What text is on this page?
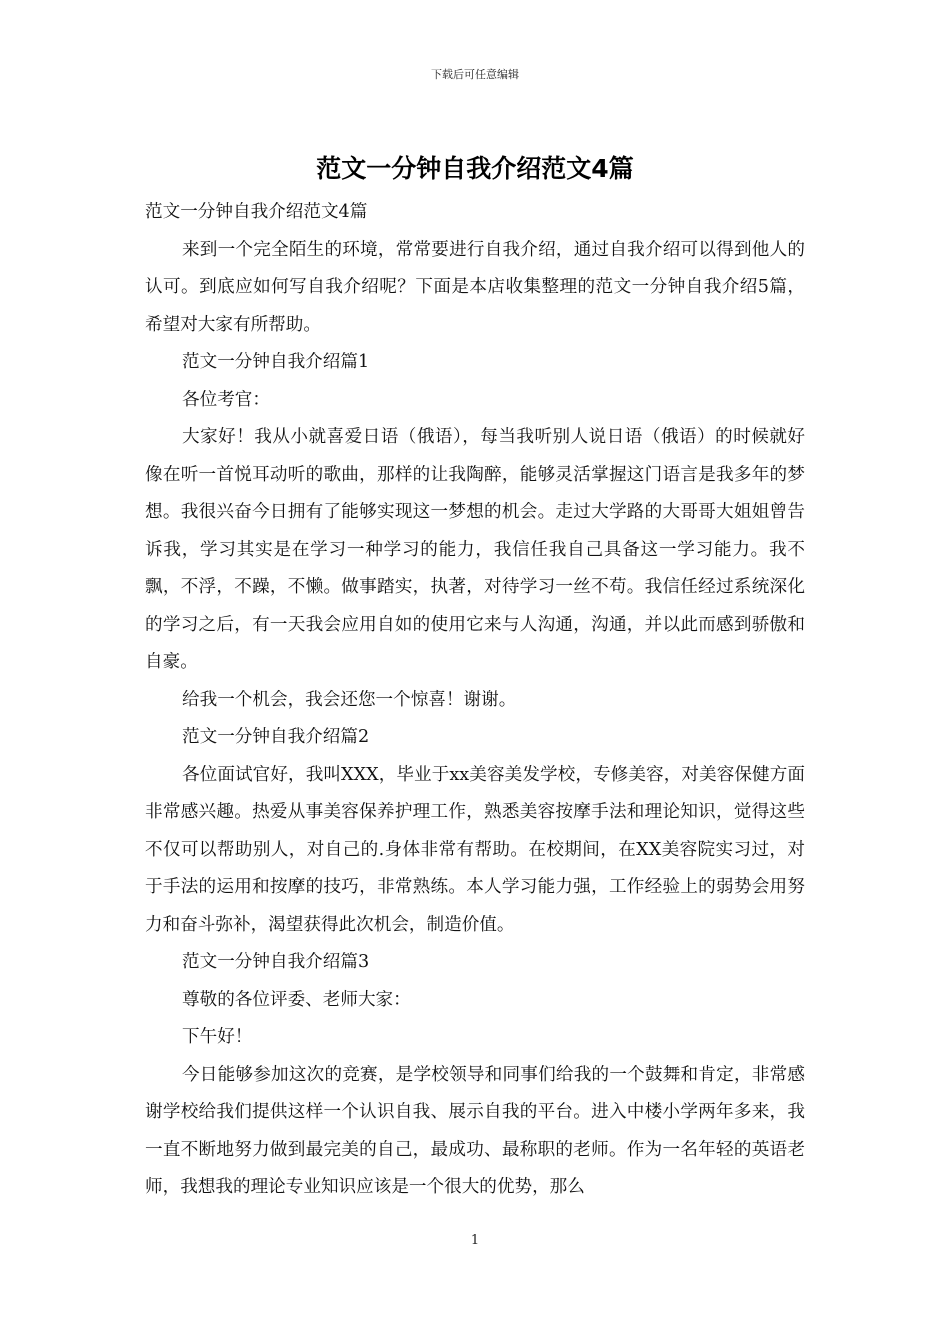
下载后可任意编辑
范文一分钟自我介绍范文4篇

范文一分钟自我介绍范文4篇

来到一个完全陌生的环境，常常要进行自我介绍，通过自我介绍可以得到他人的认可。到底应如何写自我介绍呢？下面是本店收集整理的范文一分钟自我介绍5篇，希望对大家有所帮助。

范文一分钟自我介绍篇1

各位考官：

大家好！我从小就喜爱日语（俄语），每当我听别人说日语（俄语）的时候就好像在听一首悦耳动听的歌曲，那样的让我陶醉，能够灵活掌握这门语言是我多年的梦想。我很兴奋今日拥有了能够实现这一梦想的机会。走过大学路的大哥哥大姐姐曾告诉我，学习其实是在学习一种学习的能力，我信任我自己具备这一学习能力。我不飘，不浮，不躁，不懒。做事踏实，执著，对待学习一丝不苟。我信任经过系统深化的学习之后，有一天我会应用自如的使用它来与人沟通，沟通，并以此而感到骄傲和自豪。

给我一个机会，我会还您一个惊喜！谢谢。

范文一分钟自我介绍篇2

各位面试官好，我叫XXX，毕业于xx美容美发学校，专修美容，对美容保健方面非常感兴趣。热爱从事美容保养护理工作，熟悉美容按摩手法和理论知识，觉得这些不仅可以帮助别人，对自己的.身体非常有帮助。在校期间，在XX美容院实习过，对于手法的运用和按摩的技巧，非常熟练。本人学习能力强，工作经验上的弱势会用努力和奋斗弥补，渴望获得此次机会，制造价值。

范文一分钟自我介绍篇3

尊敬的各位评委、老师大家：

下午好！

今日能够参加这次的竞赛，是学校领导和同事们给我的一个鼓舞和肯定，非常感谢学校给我们提供这样一个认识自我、展示自我的平台。进入中楼小学两年多来，我一直不断地努力做到最完美的自己，最成功、最称职的老师。作为一名年轻的英语老师，我想我的理论专业知识应该是一个很大的优势，那么

1
